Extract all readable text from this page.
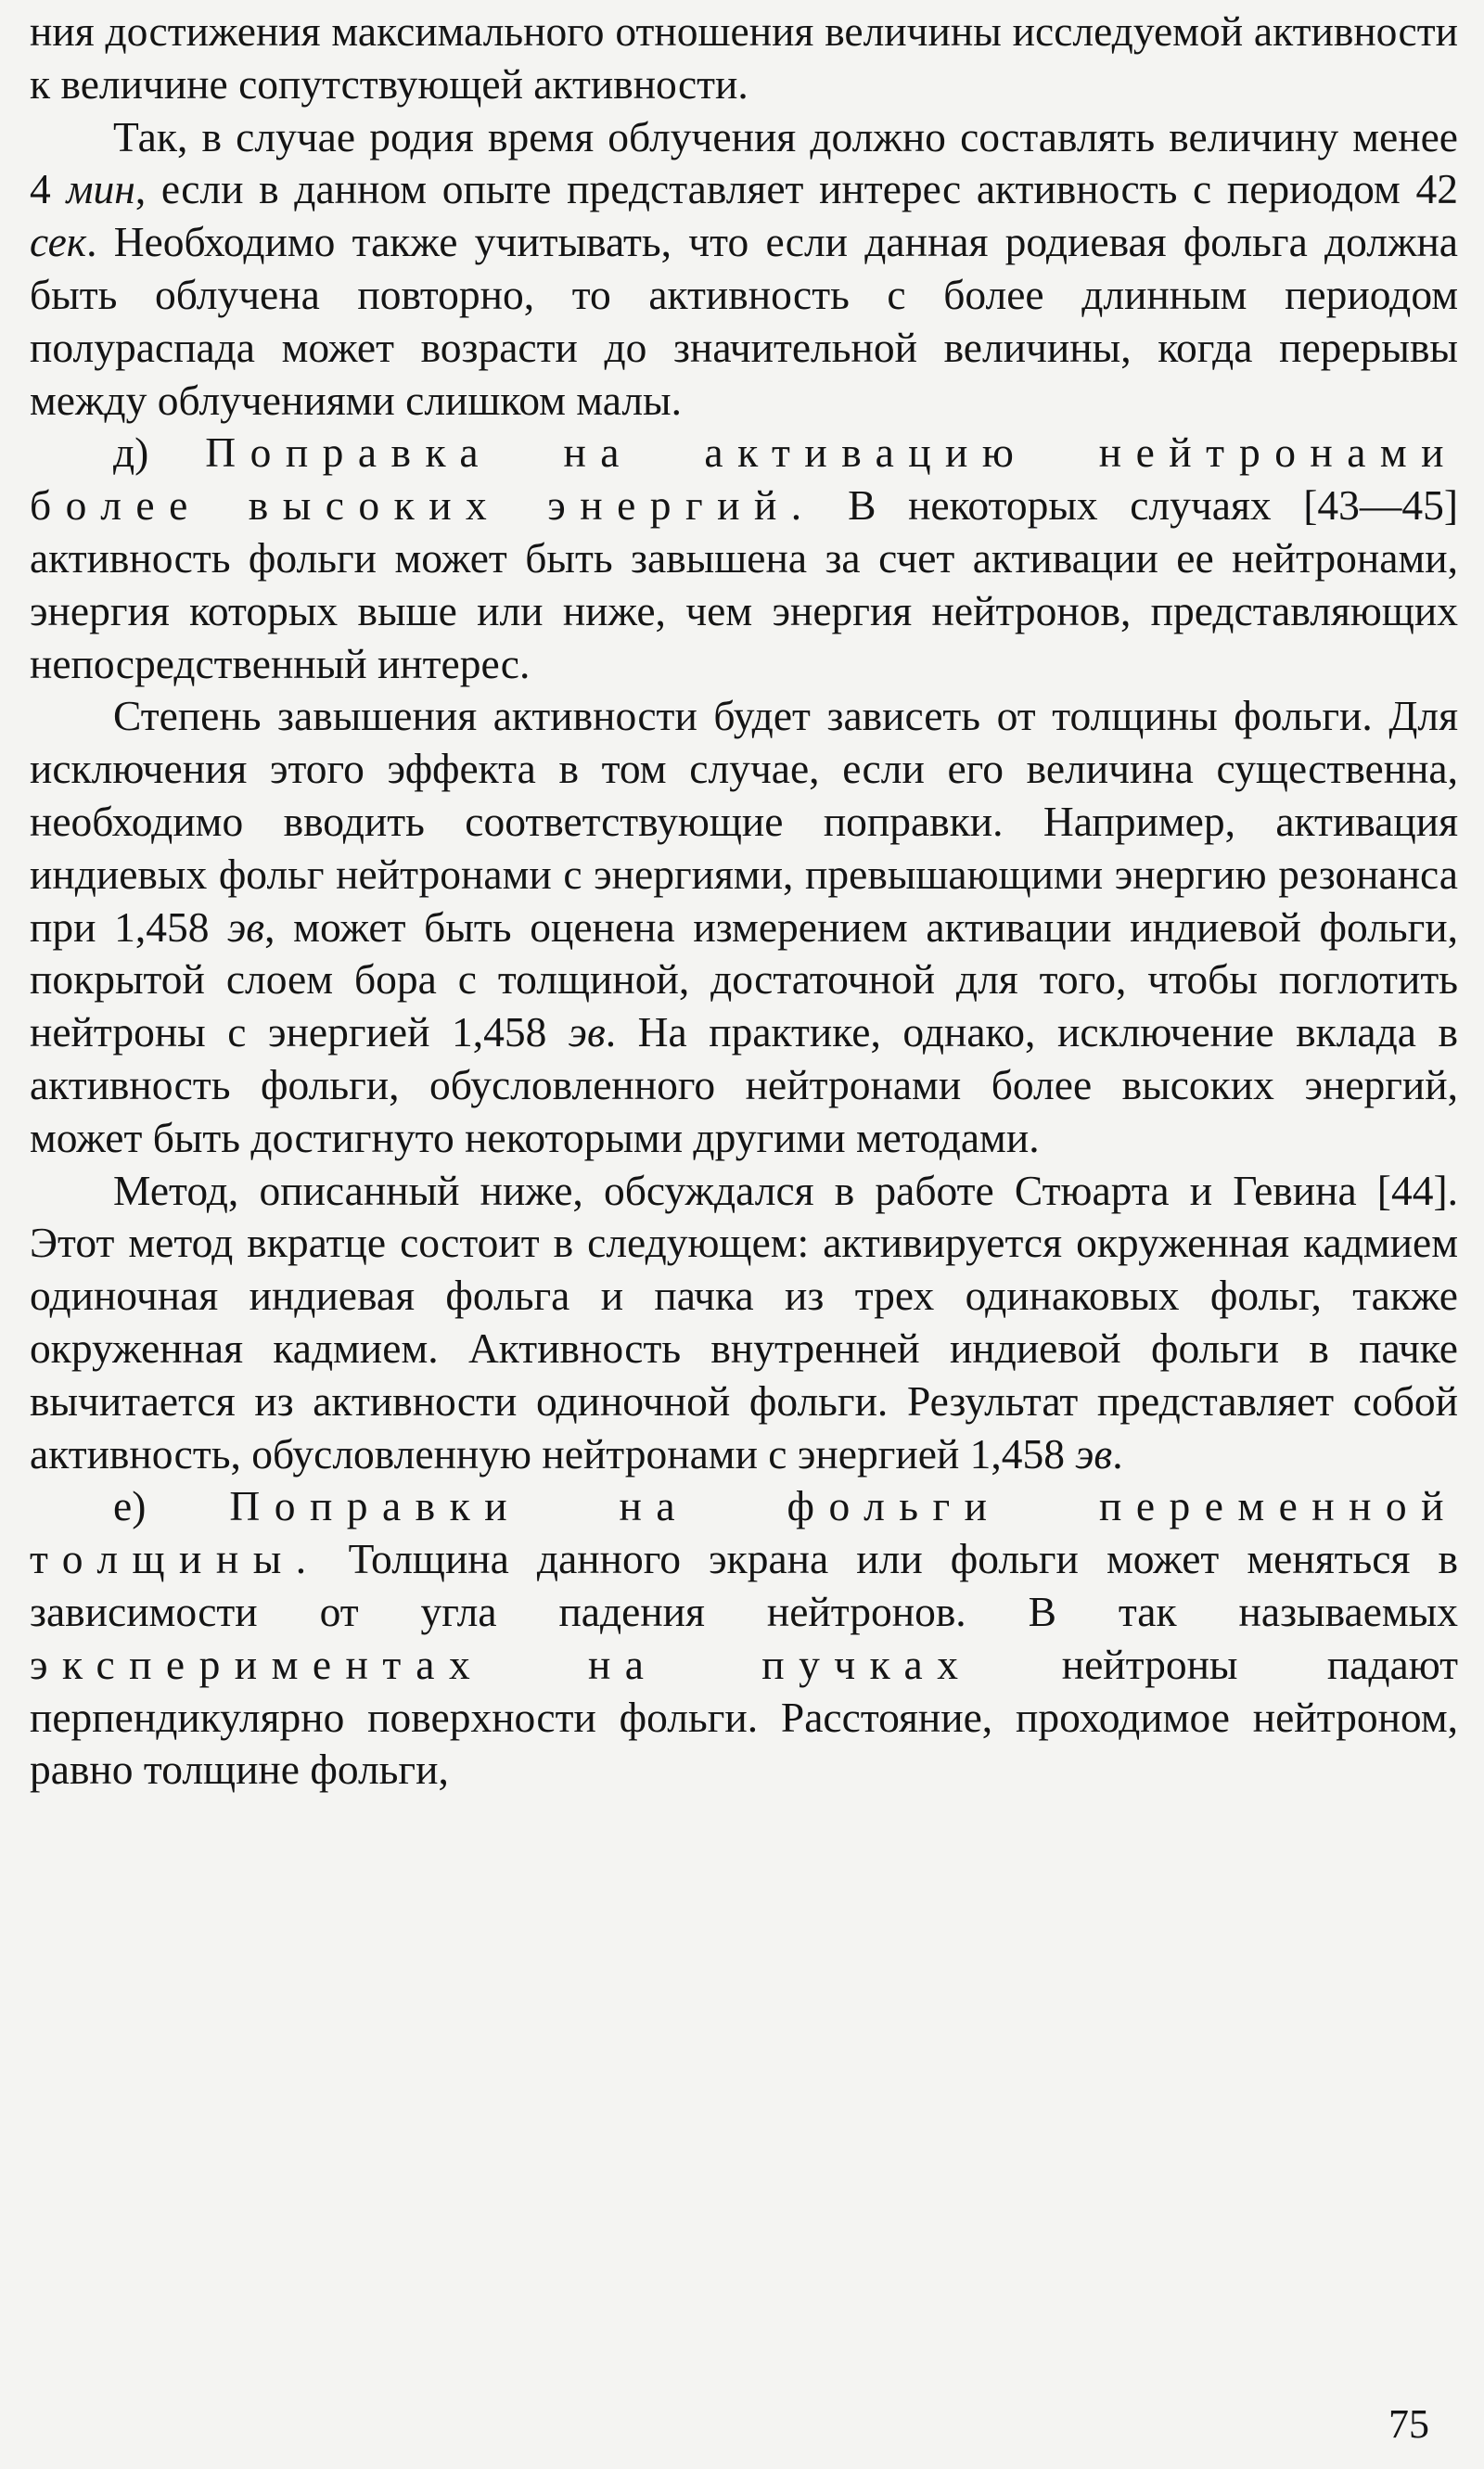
ния достижения максимального отношения величины исследуемой активности к величине сопутствующей активности.

Так, в случае родия время облучения должно составлять величину менее 4 мин, если в данном опыте представляет интерес активность с периодом 42 сек. Необходимо также учитывать, что если данная родиевая фольга должна быть облучена повторно, то активность с более длинным периодом полураспада может возрасти до значительной величины, когда перерывы между облучениями слишком малы.

д) Поправка на активацию нейтронами более высоких энергий. В некоторых случаях [43—45] активность фольги может быть завышена за счет активации ее нейтронами, энергия которых выше или ниже, чем энергия нейтронов, представляющих непосредственный интерес.

Степень завышения активности будет зависеть от толщины фольги. Для исключения этого эффекта в том случае, если его величина существенна, необходимо вводить соответствующие поправки. Например, активация индиевых фольг нейтронами с энергиями, превышающими энергию резонанса при 1,458 эв, может быть оценена измерением активации индиевой фольги, покрытой слоем бора с толщиной, достаточной для того, чтобы поглотить нейтроны с энергией 1,458 эв. На практике, однако, исключение вклада в активность фольги, обусловленного нейтронами более высоких энергий, может быть достигнуто некоторыми другими методами.

Метод, описанный ниже, обсуждался в работе Стюарта и Гевина [44]. Этот метод вкратце состоит в следующем: активируется окруженная кадмием одиночная индиевая фольга и пачка из трех одинаковых фольг, также окруженная кадмием. Активность внутренней индиевой фольги в пачке вычитается из активности одиночной фольги. Результат представляет собой активность, обусловленную нейтронами с энергией 1,458 эв.

е) Поправки на фольги переменной толщины. Толщина данного экрана или фольги может меняться в зависимости от угла падения нейтронов. В так называемых экспериментах на пучках нейтроны падают перпендикулярно поверхности фольги. Расстояние, проходимое нейтроном, равно толщине фольги,

75
